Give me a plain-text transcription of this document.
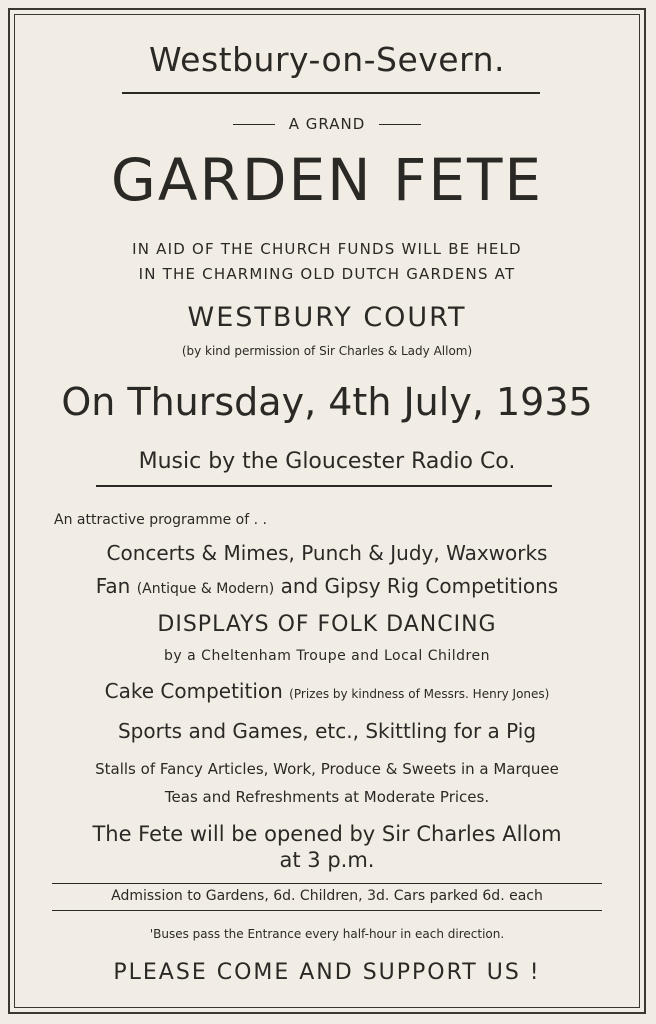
Westbury-on-Severn.
A GRAND
GARDEN FETE
IN AID OF THE CHURCH FUNDS WILL BE HELD
IN THE CHARMING OLD DUTCH GARDENS AT
WESTBURY COURT
(by kind permission of Sir Charles & Lady Allom)
On Thursday, 4th July, 1935
Music by the Gloucester Radio Co.
An attractive programme of . .
Concerts & Mimes, Punch & Judy, Waxworks
Fan (Antique & Modern) and Gipsy Rig Competitions
DISPLAYS OF FOLK DANCING
by a Cheltenham Troupe and Local Children
Cake Competition (Prizes by kindness of Messrs. Henry Jones)
Sports and Games, etc., Skittling for a Pig
Stalls of Fancy Articles, Work, Produce & Sweets in a Marquee
Teas and Refreshments at Moderate Prices.
The Fete will be opened by Sir Charles Allom
at 3 p.m.
Admission to Gardens, 6d. Children, 3d. Cars parked 6d. each
'Buses pass the Entrance every half-hour in each direction.
PLEASE COME AND SUPPORT US !
